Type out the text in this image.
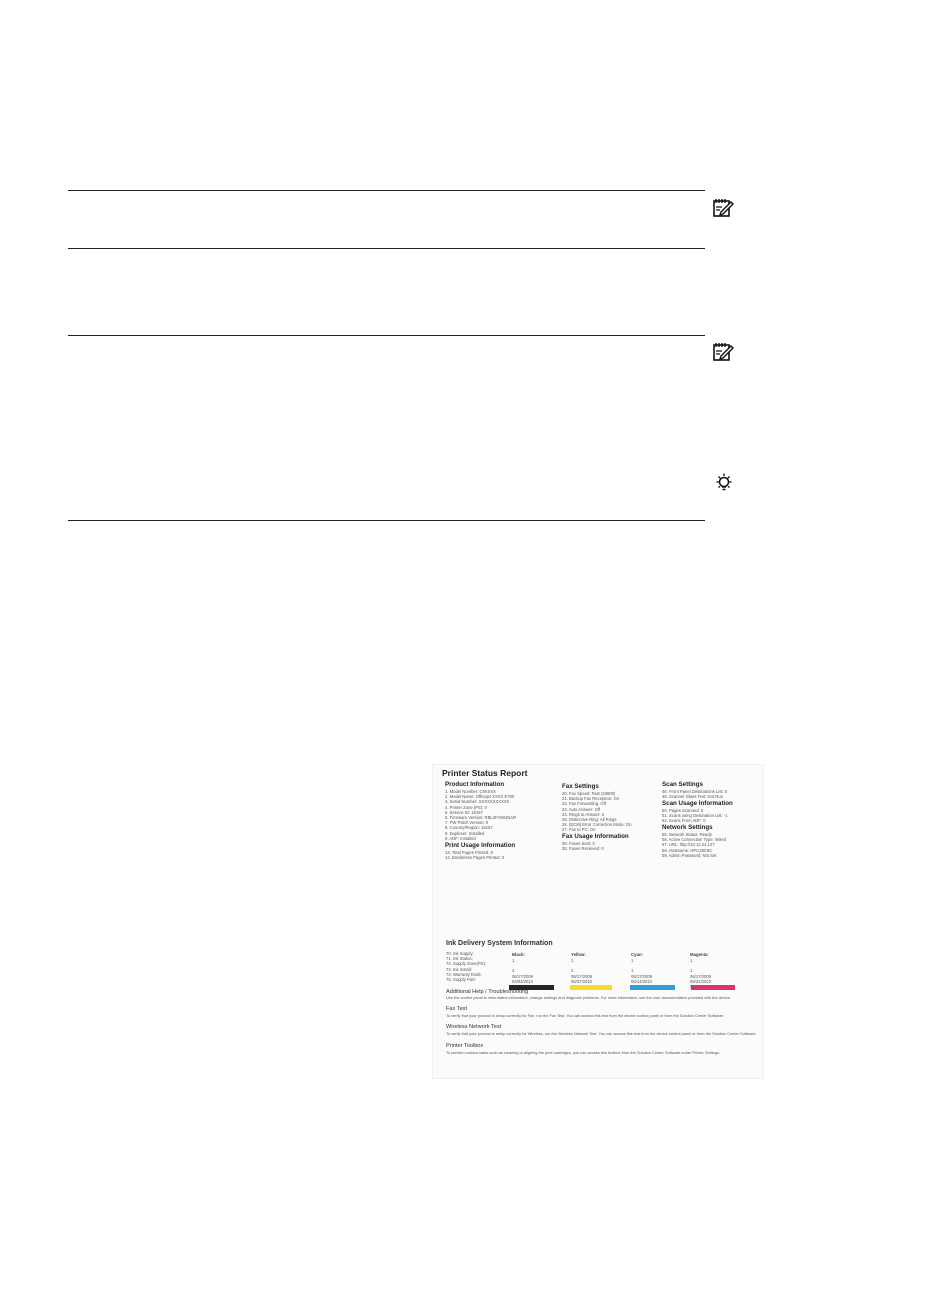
Printer Status Report
Product Information
1. Model Number: C9XXXX
2. Model Name: Officejet XXXX E700
3. Serial Number: XXXXXXXXXXX
4. Printer Zone (PS): 0
5. Service ID: 18167
6. Firmware Version: RBL2FA081NAR
7. PW Patch Version: 0
8. Country/Region: 18167
8. Duplexer: Installed
9. ADF: Installed
Print Usage Information
13. Total Pages Printed: 8
14. Borderless Pages Printed: 0
Fax Settings
20. Fax Speed: Fast (33600)
21. Backup Fax Reception: On
22. Fax Forwarding: Off
23. Auto Answer: Off
24. Rings to Answer: 5
25. Distinctive Ring: All Rings
26. (ECM) Error Correction Mode: On
27. Fax to PC: On
Fax Usage Information
30. Faxes Sent: 0
35. Faxes Received: 0
Scan Settings
46. Front Panel Destinations List: 0
48. Scanner Glass Test: Not Run
Scan Usage Information
50. Pages Scanned: 0
51. Scans using Destination List: -1
52. Scans From ADF: 0
Network Settings
55. Network Status: Ready
56. Active Connection Type: Wired
57. URL: http://10.12.24.127
58. Hostname: HPC29C8C
59. Admin Password: Not Set
Ink Delivery System Information
70. Ink Supply:
71. Ink Status:
72. Supply Zone(PS):
73. Ink Install:
74. Warranty Ends:
75. Supply Part:
Black:
1

2
06/17/2009
04/02/2010
Yellow:
1

1
06/17/2009
05/07/2010
Cyan:
1

1
06/17/2009
06/14/2010
Magenta:
1

1
06/17/2009
05/21/2010
Additional Help / Troubleshooting
Use the control panel to view status information, change settings and diagnose problems. For more information, see the user documentation provided with the device.
Fax Test
To verify that your product is setup correctly for Fax, run the Fax Test. You can access this test from the device control panel or from the Solution Center Software.
Wireless Network Test
To verify that your product is setup correctly for Wireless, run the Wireless Network Test. You can access this test from the device control panel or from the Solution Center Software.
Printer Toolbox
To perform various tasks such as cleaning or aligning the print cartridges, you can access this toolbox from the Solution Center Software under Printer Settings.
